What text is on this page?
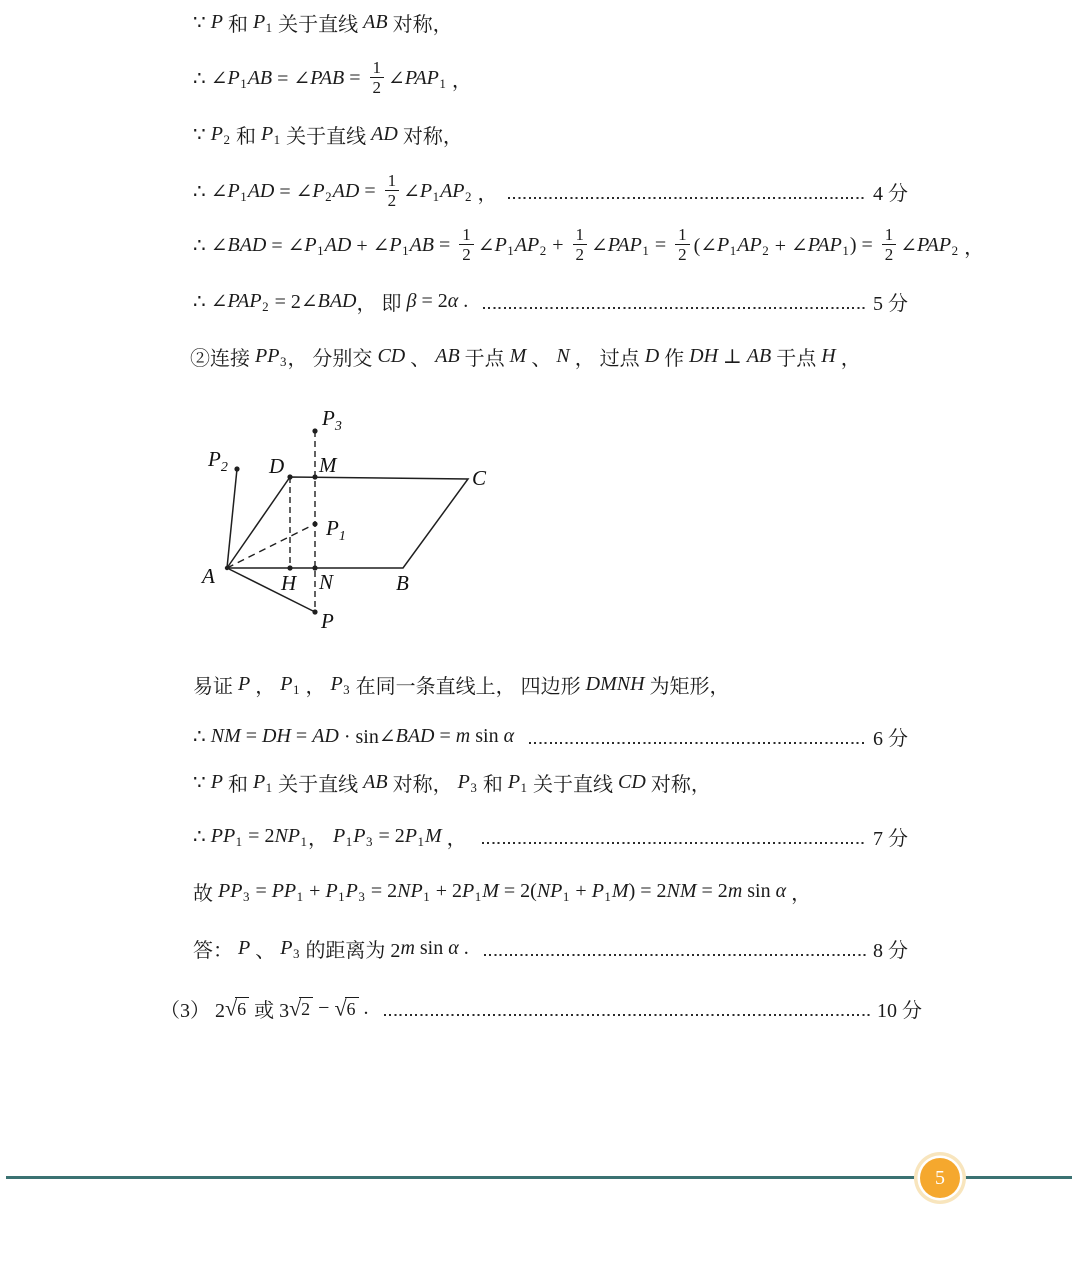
∵ P 和 P 1 关于直线 AB 对称，
∴ ∠ P 1 AB = ∠ PAB = $\frac{1}{2}$ ∠ PAP 1 ，
∵ P 2 和 P 1 关于直线 AD 对称，
∴ ∠ P 1 AD = ∠ P 2 AD = $\frac{1}{2}$ ∠ P 1 AP 2 ，	4 分
∴ ∠ BAD = ∠ P 1 AD + ∠ P 1 AB = $\frac{1}{2}$ ∠ P 1 AP $2 + \frac{1}{2}$ ∠ PAP $1 = \frac{1}{2}$ (∠ P 1 AP 2 + ∠ PAP 1 ) = $\frac{1}{2}$ ∠ PAP 2 ，
∴ ∠ PAP 2 = 2∠ BAD ， 即 β = 2 α .	5 分
②连接 PP 3 ， 分别交 CD 、 AB 于点 M 、 N ， 过点 D 作 DH ⊥ AB 于点 H ，
易证 P ， P 1 ， P 3 在同一条直线上， 四边形 DMNH 为矩形，
∴ NM = DH = AD · sin∠ BAD = m sin α
	6 分
∵ P 和 P 1 关于直线 AB 对称， P 3 和 P 1 关于直线 CD 对称，
∴ PP 1 = 2 NP 1 ， P 1 P 3 = 2 P 1 M ，	7 分
故 PP 3 = PP 1 + P 1 P 3 = 2 NP 1 + 2 P 1 M = 2( NP 1 + P 1 M ) = 2 NM = 2 m sin α ，
答： P 、 P 3 的距离为 2 m sin α .	8 分
（3） 2 √ 6 或 3 √ 2 − √ 6 .	10 分
$P_3$
$P_2$ D M
C
$P_1$
A	H N	B
P
5
